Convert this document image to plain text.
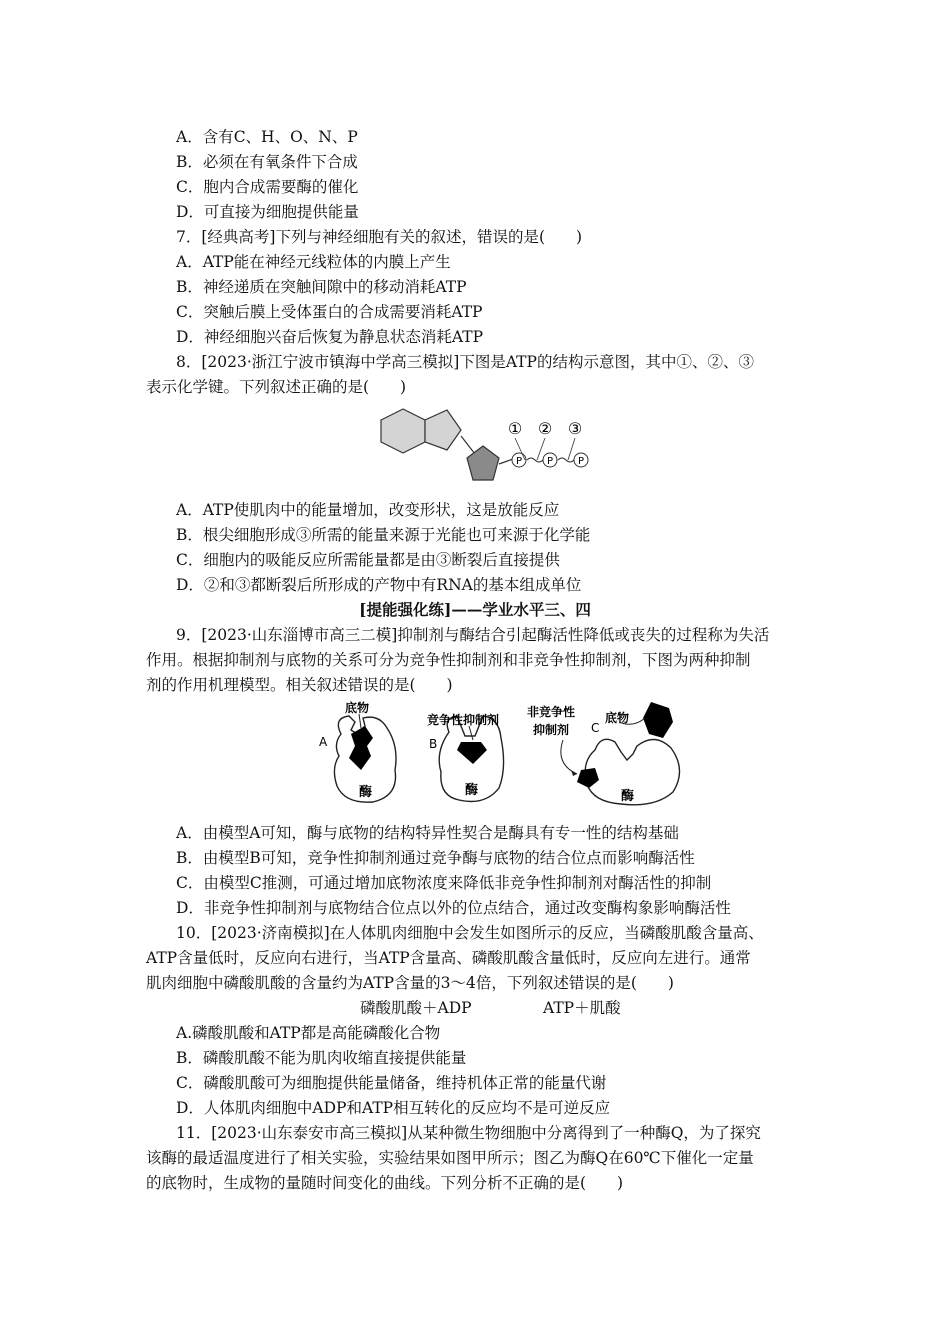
A．含有C、H、O、N、P
B．必须在有氧条件下合成
C．胞内合成需要酶的催化
D．可直接为细胞提供能量
7．[经典高考]下列与神经细胞有关的叙述，错误的是(　　)
A．ATP能在神经元线粒体的内膜上产生
B．神经递质在突触间隙中的移动消耗ATP
C．突触后膜上受体蛋白的合成需要消耗ATP
D．神经细胞兴奋后恢复为静息状态消耗ATP
8．[2023·浙江宁波市镇海中学高三模拟]下图是ATP的结构示意图，其中①、②、③
表示化学键。下列叙述正确的是(　　)
P P P
① ② ③
A．ATP使肌肉中的能量增加，改变形状，这是放能反应
B．根尖细胞形成③所需的能量来源于光能也可来源于化学能
C．细胞内的吸能反应所需能量都是由③断裂后直接提供
D．②和③都断裂后所形成的产物中有RNA的基本组成单位
[提能强化练]——学业水平三、四
9．[2023·山东淄博市高三二模]抑制剂与酶结合引起酶活性降低或丧失的过程称为失活
作用。根据抑制剂与底物的关系可分为竞争性抑制剂和非竞争性抑制剂，下图为两种抑制
剂的作用机理模型。相关叙述错误的是(　　)
A
底物
酶
B
竞争性抑制剂
酶
非竞争性
抑制剂 C
底物
酶
A．由模型A可知，酶与底物的结构特异性契合是酶具有专一性的结构基础
B．由模型B可知，竞争性抑制剂通过竞争酶与底物的结合位点而影响酶活性
C．由模型C推测，可通过增加底物浓度来降低非竞争性抑制剂对酶活性的抑制
D．非竞争性抑制剂与底物结合位点以外的位点结合，通过改变酶构象影响酶活性
10．[2023·济南模拟]在人体肌肉细胞中会发生如图所示的反应，当磷酸肌酸含量高、
ATP含量低时，反应向右进行，当ATP含量高、磷酸肌酸含量低时，反应向左进行。通常
肌肉细胞中磷酸肌酸的含量约为ATP含量的3～4倍，下列叙述错误的是(　　)
磷酸肌酸＋ADP	ATP＋肌酸
A.磷酸肌酸和ATP都是高能磷酸化合物
B．磷酸肌酸不能为肌肉收缩直接提供能量
C．磷酸肌酸可为细胞提供能量储备，维持机体正常的能量代谢
D．人体肌肉细胞中ADP和ATP相互转化的反应均不是可逆反应
11．[2023·山东泰安市高三模拟]从某种微生物细胞中分离得到了一种酶Q，为了探究
该酶的最适温度进行了相关实验，实验结果如图甲所示；图乙为酶Q在60℃下催化一定量
的底物时，生成物的量随时间变化的曲线。下列分析不正确的是(　　)
